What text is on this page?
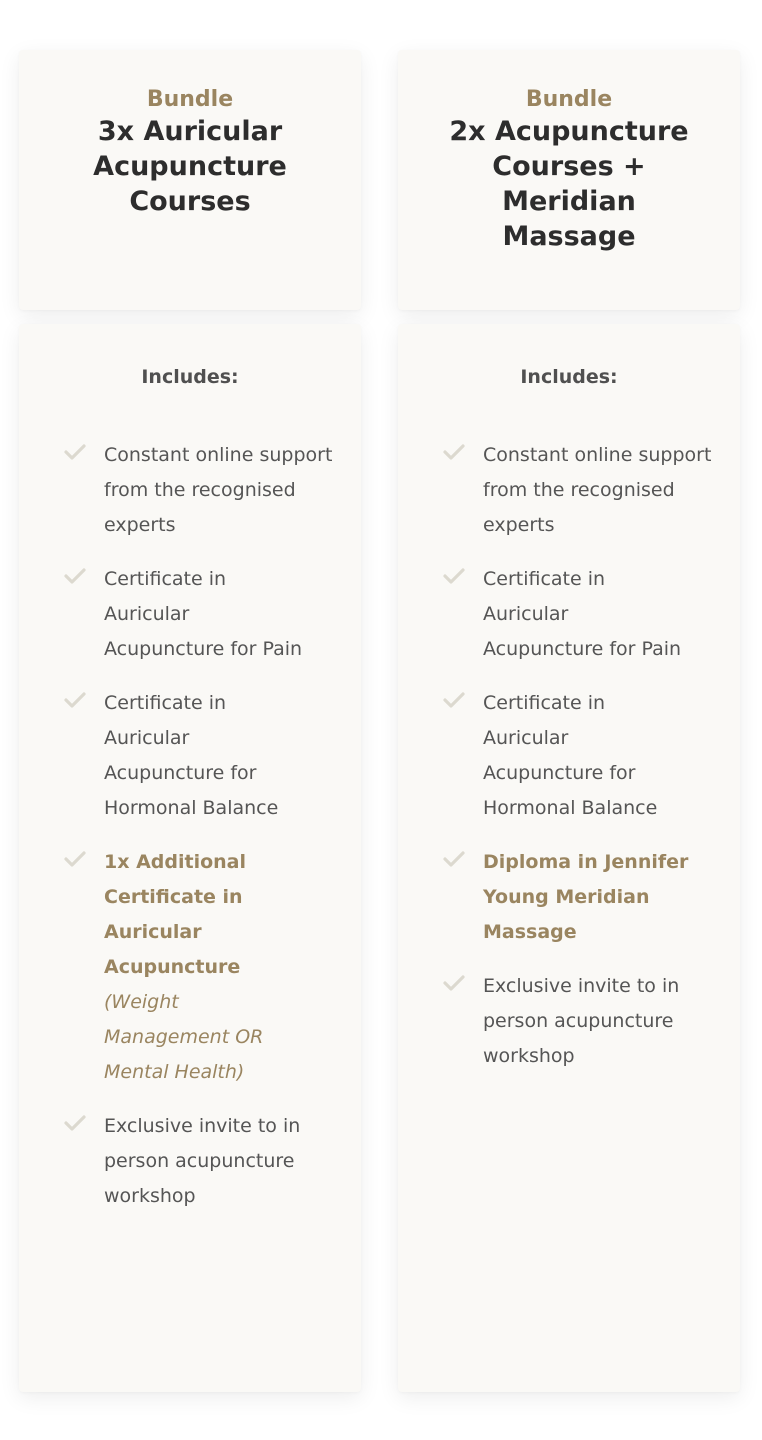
Bundle

3x Auricular Acupuncture Courses

Bundle

2x Acupuncture Courses + Meridian Massage

Includes:

Constant online support from the recognised experts
Certificate in Auricular Acupuncture for Pain
Certificate in Auricular Acupuncture for Hormonal Balance
1x Additional Certificate in Auricular Acupuncture
(Weight Management OR Mental Health)
Exclusive invite to in person acupuncture workshop

Includes:

Constant online support from the recognised experts
Certificate in Auricular Acupuncture for Pain
Certificate in Auricular Acupuncture for Hormonal Balance
Diploma in Jennifer Young Meridian Massage
Exclusive invite to in person acupuncture workshop
